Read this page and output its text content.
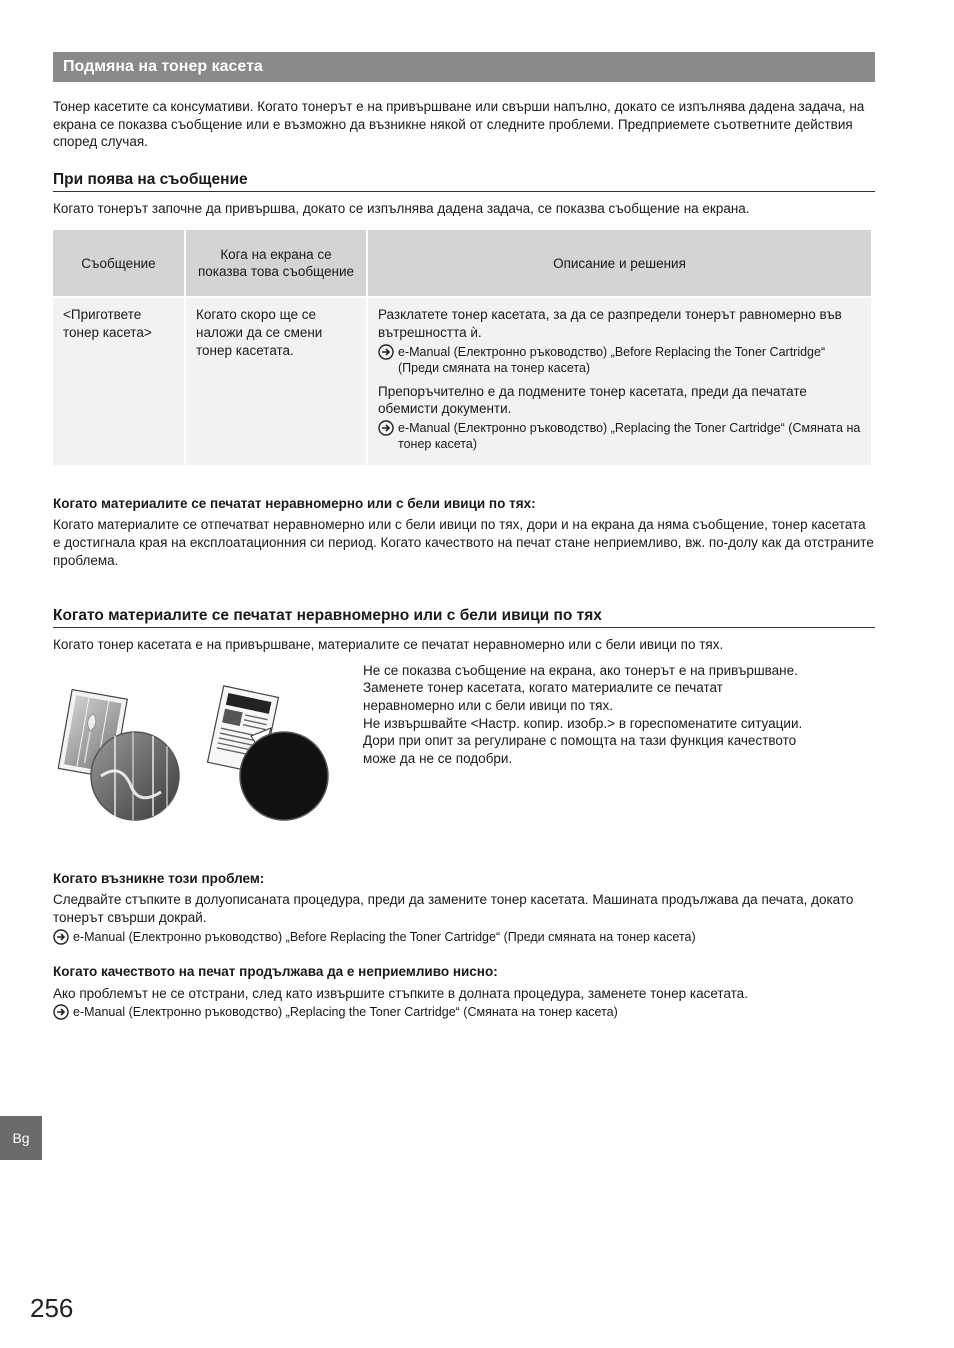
Подмяна на тонер касета

Тонер касетите са консумативи. Когато тонерът е на привършване или свърши напълно, докато се изпълнява дадена задача, на екрана се показва съобщение или е възможно да възникне някой от следните проблеми. Предприемете съответните действия според случая.

При поява на съобщение

Когато тонерът започне да привършва, докато се изпълнява дадена задача, се показва съобщение на екрана.

Съобщение	Кога на екрана се показва това съобщение	Описание и решения
<Пригответе тонер касета>	Когато скоро ще се наложи да се смени тонер касетата.	Разклатете тонер касетата, за да се разпредели тонерът равномерно във вътрешността ѝ.

e-Manual (Електронно ръководство) „Before Replacing the Toner Cartridge“ (Преди смяната на тонер касета)

Препоръчително е да подмените тонер касетата, преди да печатате обемисти документи.

e-Manual (Електронно ръководство) „Replacing the Toner Cartridge“ (Смяната на тонер касета)
Когато материалите се печатат неравномерно или с бели ивици по тях:

Когато материалите се отпечатват неравномерно или с бели ивици по тях, дори и на екрана да няма съобщение, тонер касетата е достигнала края на експлоатационния си период. Когато качеството на печат стане неприемливо, вж. по-долу как да отстраните проблема.

Когато материалите се печатат неравномерно или с бели ивици по тях

Когато тонер касетата е на привършване, материалите се печатат неравномерно или с бели ивици по тях.

Не се показва съобщение на екрана, ако тонерът е на привършване. Заменете тонер касетата, когато материалите се печатат неравномерно или с бели ивици по тях.

Не извършвайте <Настр. копир. изобр.> в гореспоменатите ситуации. Дори при опит за регулиране с помощта на тази функция качеството може да не се подобри.

Когато възникне този проблем:

Следвайте стъпките в долуописаната процедура, преди да замените тонер касетата. Машината продължава да печата, докато тонерът свърши докрай.

e-Manual (Електронно ръководство) „Before Replacing the Toner Cartridge“ (Преди смяната на тонер касета)
Когато качеството на печат продължава да е неприемливо нисно:

Ако проблемът не се отстрани, след като извършите стъпките в долната процедура, заменете тонер касетата.

e-Manual (Електронно ръководство) „Replacing the Toner Cartridge“ (Смяната на тонер касета)
Bg
256
